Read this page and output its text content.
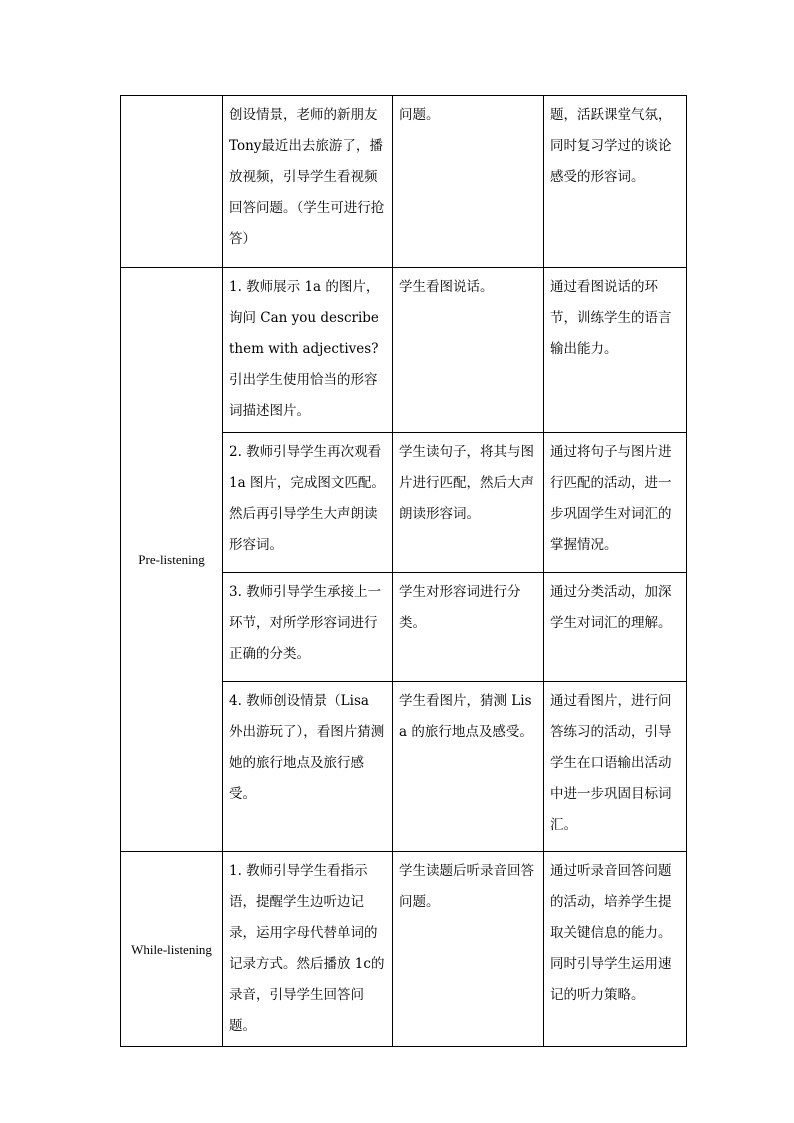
	创设情景，老师的新朋友Tony最近出去旅游了，播放视频，引导学生看视频回答问题。（学生可进行抢答）	问题。	题，活跃课堂气氛，同时复习学过的谈论感受的形容词。
Pre-listening	1. 教师展示 1a 的图片，询问 Can you describe them with adjectives? 引出学生使用恰当的形容词描述图片。	学生看图说话。	通过看图说话的环节，训练学生的语言输出能力。
	2. 教师引导学生再次观看 1a 图片，完成图文匹配。然后再引导学生大声朗读形容词。	学生读句子，将其与图片进行匹配，然后大声朗读形容词。	通过将句子与图片进行匹配的活动，进一步巩固学生对词汇的掌握情况。
	3. 教师引导学生承接上一环节，对所学形容词进行正确的分类。	学生对形容词进行分类。	通过分类活动，加深学生对词汇的理解。
	4. 教师创设情景（Lisa 外出游玩了），看图片猜测她的旅行地点及旅行感受。	学生看图片，猜测 Lisa 的旅行地点及感受。	通过看图片，进行问答练习的活动，引导学生在口语输出活动中进一步巩固目标词汇。
While-listening	1. 教师引导学生看指示语，提醒学生边听边记录，运用字母代替单词的记录方式。然后播放 1c的录音，引导学生回答问题。	学生读题后听录音回答问题。	通过听录音回答问题的活动，培养学生提取关键信息的能力。同时引导学生运用速记的听力策略。
